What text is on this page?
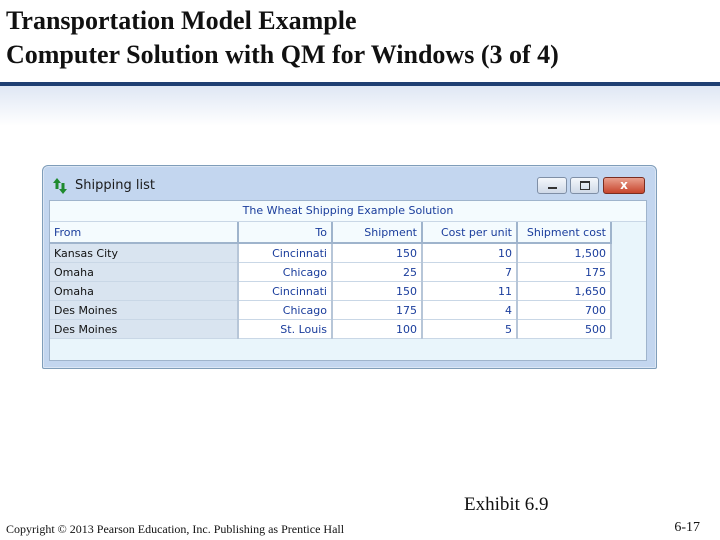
Transportation Model Example
Computer Solution with QM for Windows (3 of 4)
Shipping list	x
The Wheat Shipping Example Solution
From	To	Shipment	Cost per unit	Shipment cost
Kansas City	Cincinnati	150	10	1,500
Omaha	Chicago	25	7	175
Omaha	Cincinnati	150	11	1,650
Des Moines	Chicago	175	4	700
Des Moines	St. Louis	100	5	500
Exhibit 6.9
Copyright © 2013 Pearson Education, Inc. Publishing as Prentice Hall	6-17
